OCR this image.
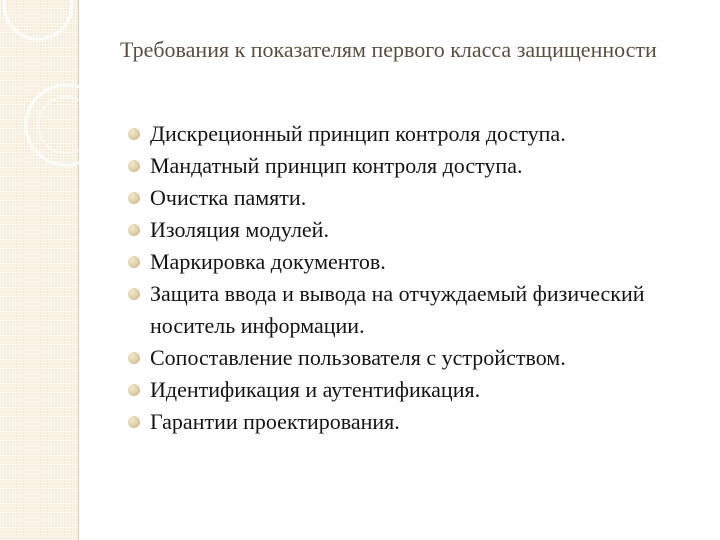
Требования к показателям первого класса защищенности
Дискреционный принцип контроля доступа.
Мандатный принцип контроля доступа.
Очистка памяти.
Изоляция модулей.
Маркировка документов.
Защита ввода и вывода на отчуждаемый физический носитель информации.
Сопоставление пользователя с устройством.
Идентификация и аутентификация.
Гарантии проектирования.
